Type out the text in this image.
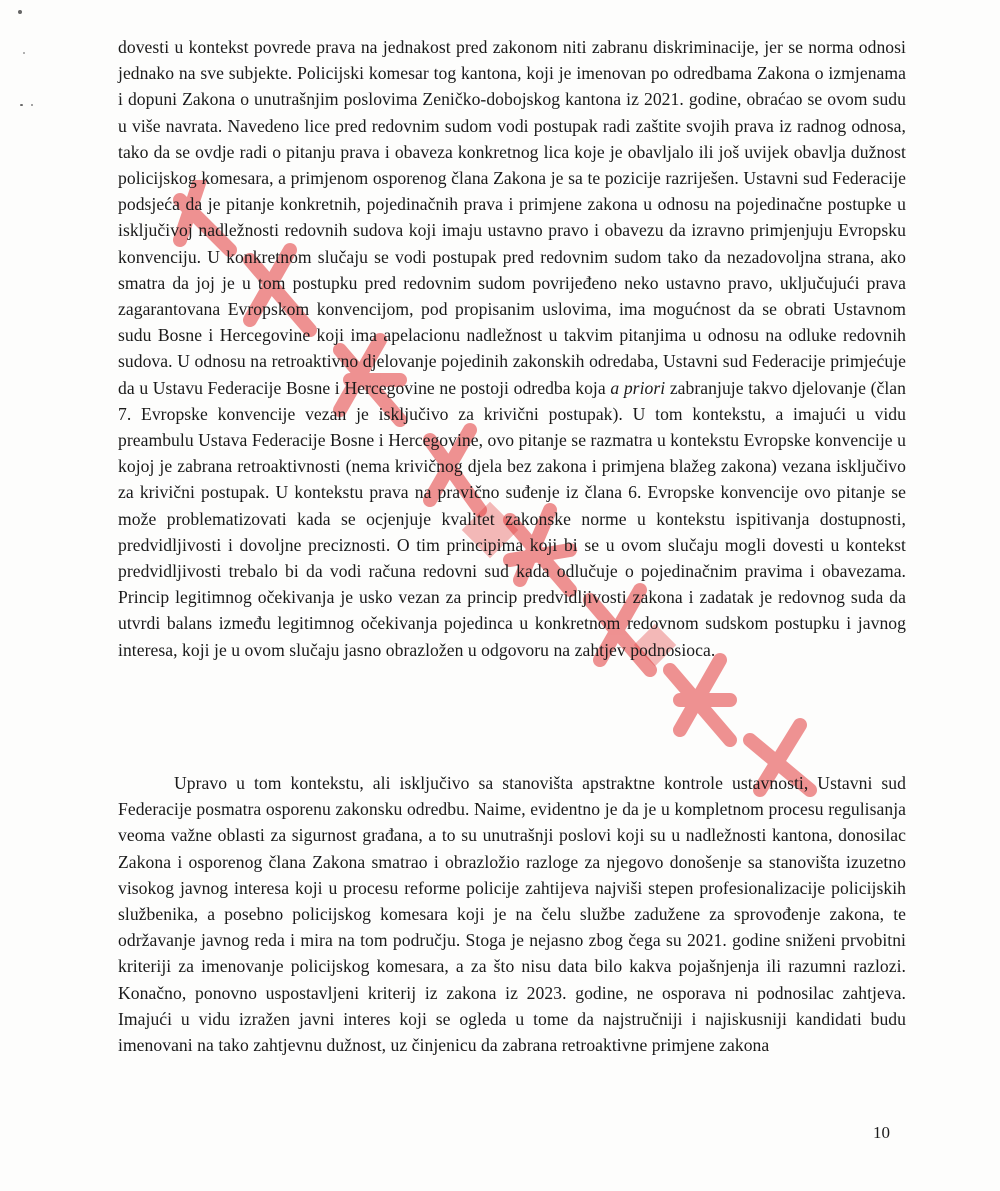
dovesti u kontekst povrede prava na jednakost pred zakonom niti zabranu diskriminacije, jer se norma odnosi jednako na sve subjekte. Policijski komesar tog kantona, koji je imenovan po odredbama Zakona o izmjenama i dopuni Zakona o unutrašnjim poslovima Zeničko-dobojskog kantona iz 2021. godine, obraćao se ovom sudu u više navrata. Navedeno lice pred redovnim sudom vodi postupak radi zaštite svojih prava iz radnog odnosa, tako da se ovdje radi o pitanju prava i obaveza konkretnog lica koje je obavljalo ili još uvijek obavlja dužnost policijskog komesara, a primjenom osporenog člana Zakona je sa te pozicije razriješen. Ustavni sud Federacije podsjeća da je pitanje konkretnih, pojedinačnih prava i primjene zakona u odnosu na pojedinačne postupke u isključivoj nadležnosti redovnih sudova koji imaju ustavno pravo i obavezu da izravno primjenjuju Evropsku konvenciju. U konkretnom slučaju se vodi postupak pred redovnim sudom tako da nezadovoljna strana, ako smatra da joj je u tom postupku pred redovnim sudom povrijeđeno neko ustavno pravo, uključujući prava zagarantovana Evropskom konvencijom, pod propisanim uslovima, ima mogućnost da se obrati Ustavnom sudu Bosne i Hercegovine koji ima apelacionu nadležnost u takvim pitanjima u odnosu na odluke redovnih sudova. U odnosu na retroaktivno djelovanje pojedinih zakonskih odredaba, Ustavni sud Federacije primjećuje da u Ustavu Federacije Bosne i Hercegovine ne postoji odredba koja a priori zabranjuje takvo djelovanje (član 7. Evropske konvencije vezan je isključivo za krivični postupak). U tom kontekstu, a imajući u vidu preambulu Ustava Federacije Bosne i Hercegovine, ovo pitanje se razmatra u kontekstu Evropske konvencije u kojoj je zabrana retroaktivnosti (nema krivičnog djela bez zakona i primjena blažeg zakona) vezana isključivo za krivični postupak. U kontekstu prava na pravično suđenje iz člana 6. Evropske konvencije ovo pitanje se može problematizovati kada se ocjenjuje kvalitet zakonske norme u kontekstu ispitivanja dostupnosti, predvidljivosti i dovoljne preciznosti. O tim principima koji bi se u ovom slučaju mogli dovesti u kontekst predvidljivosti trebalo bi da vodi računa redovni sud kada odlučuje o pojedinačnim pravima i obavezama. Princip legitimnog očekivanja je usko vezan za princip predvidljivosti zakona i zadatak je redovnog suda da utvrdi balans između legitimnog očekivanja pojedinca u konkretnom redovnom sudskom postupku i javnog interesa, koji je u ovom slučaju jasno obrazložen u odgovoru na zahtjev podnosioca.

Upravo u tom kontekstu, ali isključivo sa stanovišta apstraktne kontrole ustavnosti, Ustavni sud Federacije posmatra osporenu zakonsku odredbu. Naime, evidentno je da je u kompletnom procesu regulisanja veoma važne oblasti za sigurnost građana, a to su unutrašnji poslovi koji su u nadležnosti kantona, donosilac Zakona i osporenog člana Zakona smatrao i obrazložio razloge za njegovo donošenje sa stanovišta izuzetno visokog javnog interesa koji u procesu reforme policije zahtijeva najviši stepen profesionalizacije policijskih službenika, a posebno policijskog komesara koji je na čelu službe zadužene za sprovođenje zakona, te održavanje javnog reda i mira na tom području. Stoga je nejasno zbog čega su 2021. godine sniženi prvobitni kriteriji za imenovanje policijskog komesara, a za što nisu data bilo kakva pojašnjenja ili razumni razlozi. Konačno, ponovno uspostavljeni kriterij iz zakona iz 2023. godine, ne osporava ni podnosilac zahtjeva. Imajući u vidu izražen javni interes koji se ogleda u tome da najstručniji i najiskusniji kandidati budu imenovani na tako zahtjevnu dužnost, uz činjenicu da zabrana retroaktivne primjene zakona

10
